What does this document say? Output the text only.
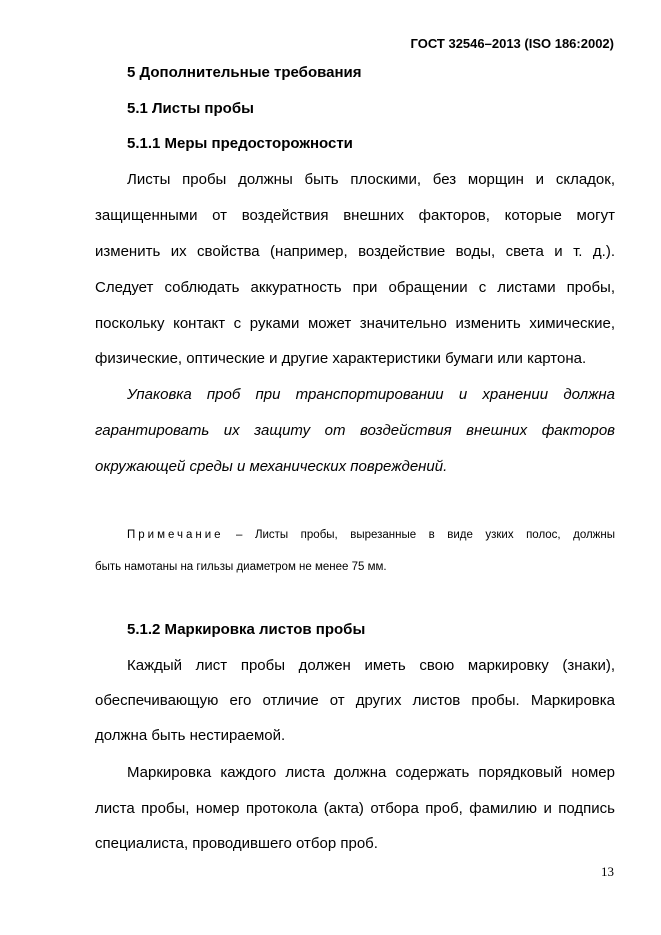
ГОСТ 32546–2013 (ISO 186:2002)
5 Дополнительные требования
5.1 Листы пробы
5.1.1 Меры предосторожности
Листы пробы должны быть плоскими, без морщин и складок,
защищенными от воздействия внешних факторов, которые могут
изменить их свойства (например, воздействие воды, света и т. д.).
Следует соблюдать аккуратность при обращении с листами пробы,
поскольку контакт с руками может значительно изменить химические,
физические, оптические и другие характеристики бумаги или картона.
Упаковка проб при транспортировании и хранении должна
гарантировать их защиту от воздействия внешних факторов
окружающей среды и механических повреждений.
Примечание – Листы пробы, вырезанные в виде узких полос, должны
быть намотаны на гильзы диаметром не менее 75 мм.
5.1.2 Маркировка листов пробы
Каждый лист пробы должен иметь свою маркировку (знаки),
обеспечивающую его отличие от других листов пробы. Маркировка
должна быть нестираемой.
Маркировка каждого листа должна содержать порядковый номер
листа пробы, номер протокола (акта) отбора проб, фамилию и подпись
специалиста, проводившего отбор проб.
13
